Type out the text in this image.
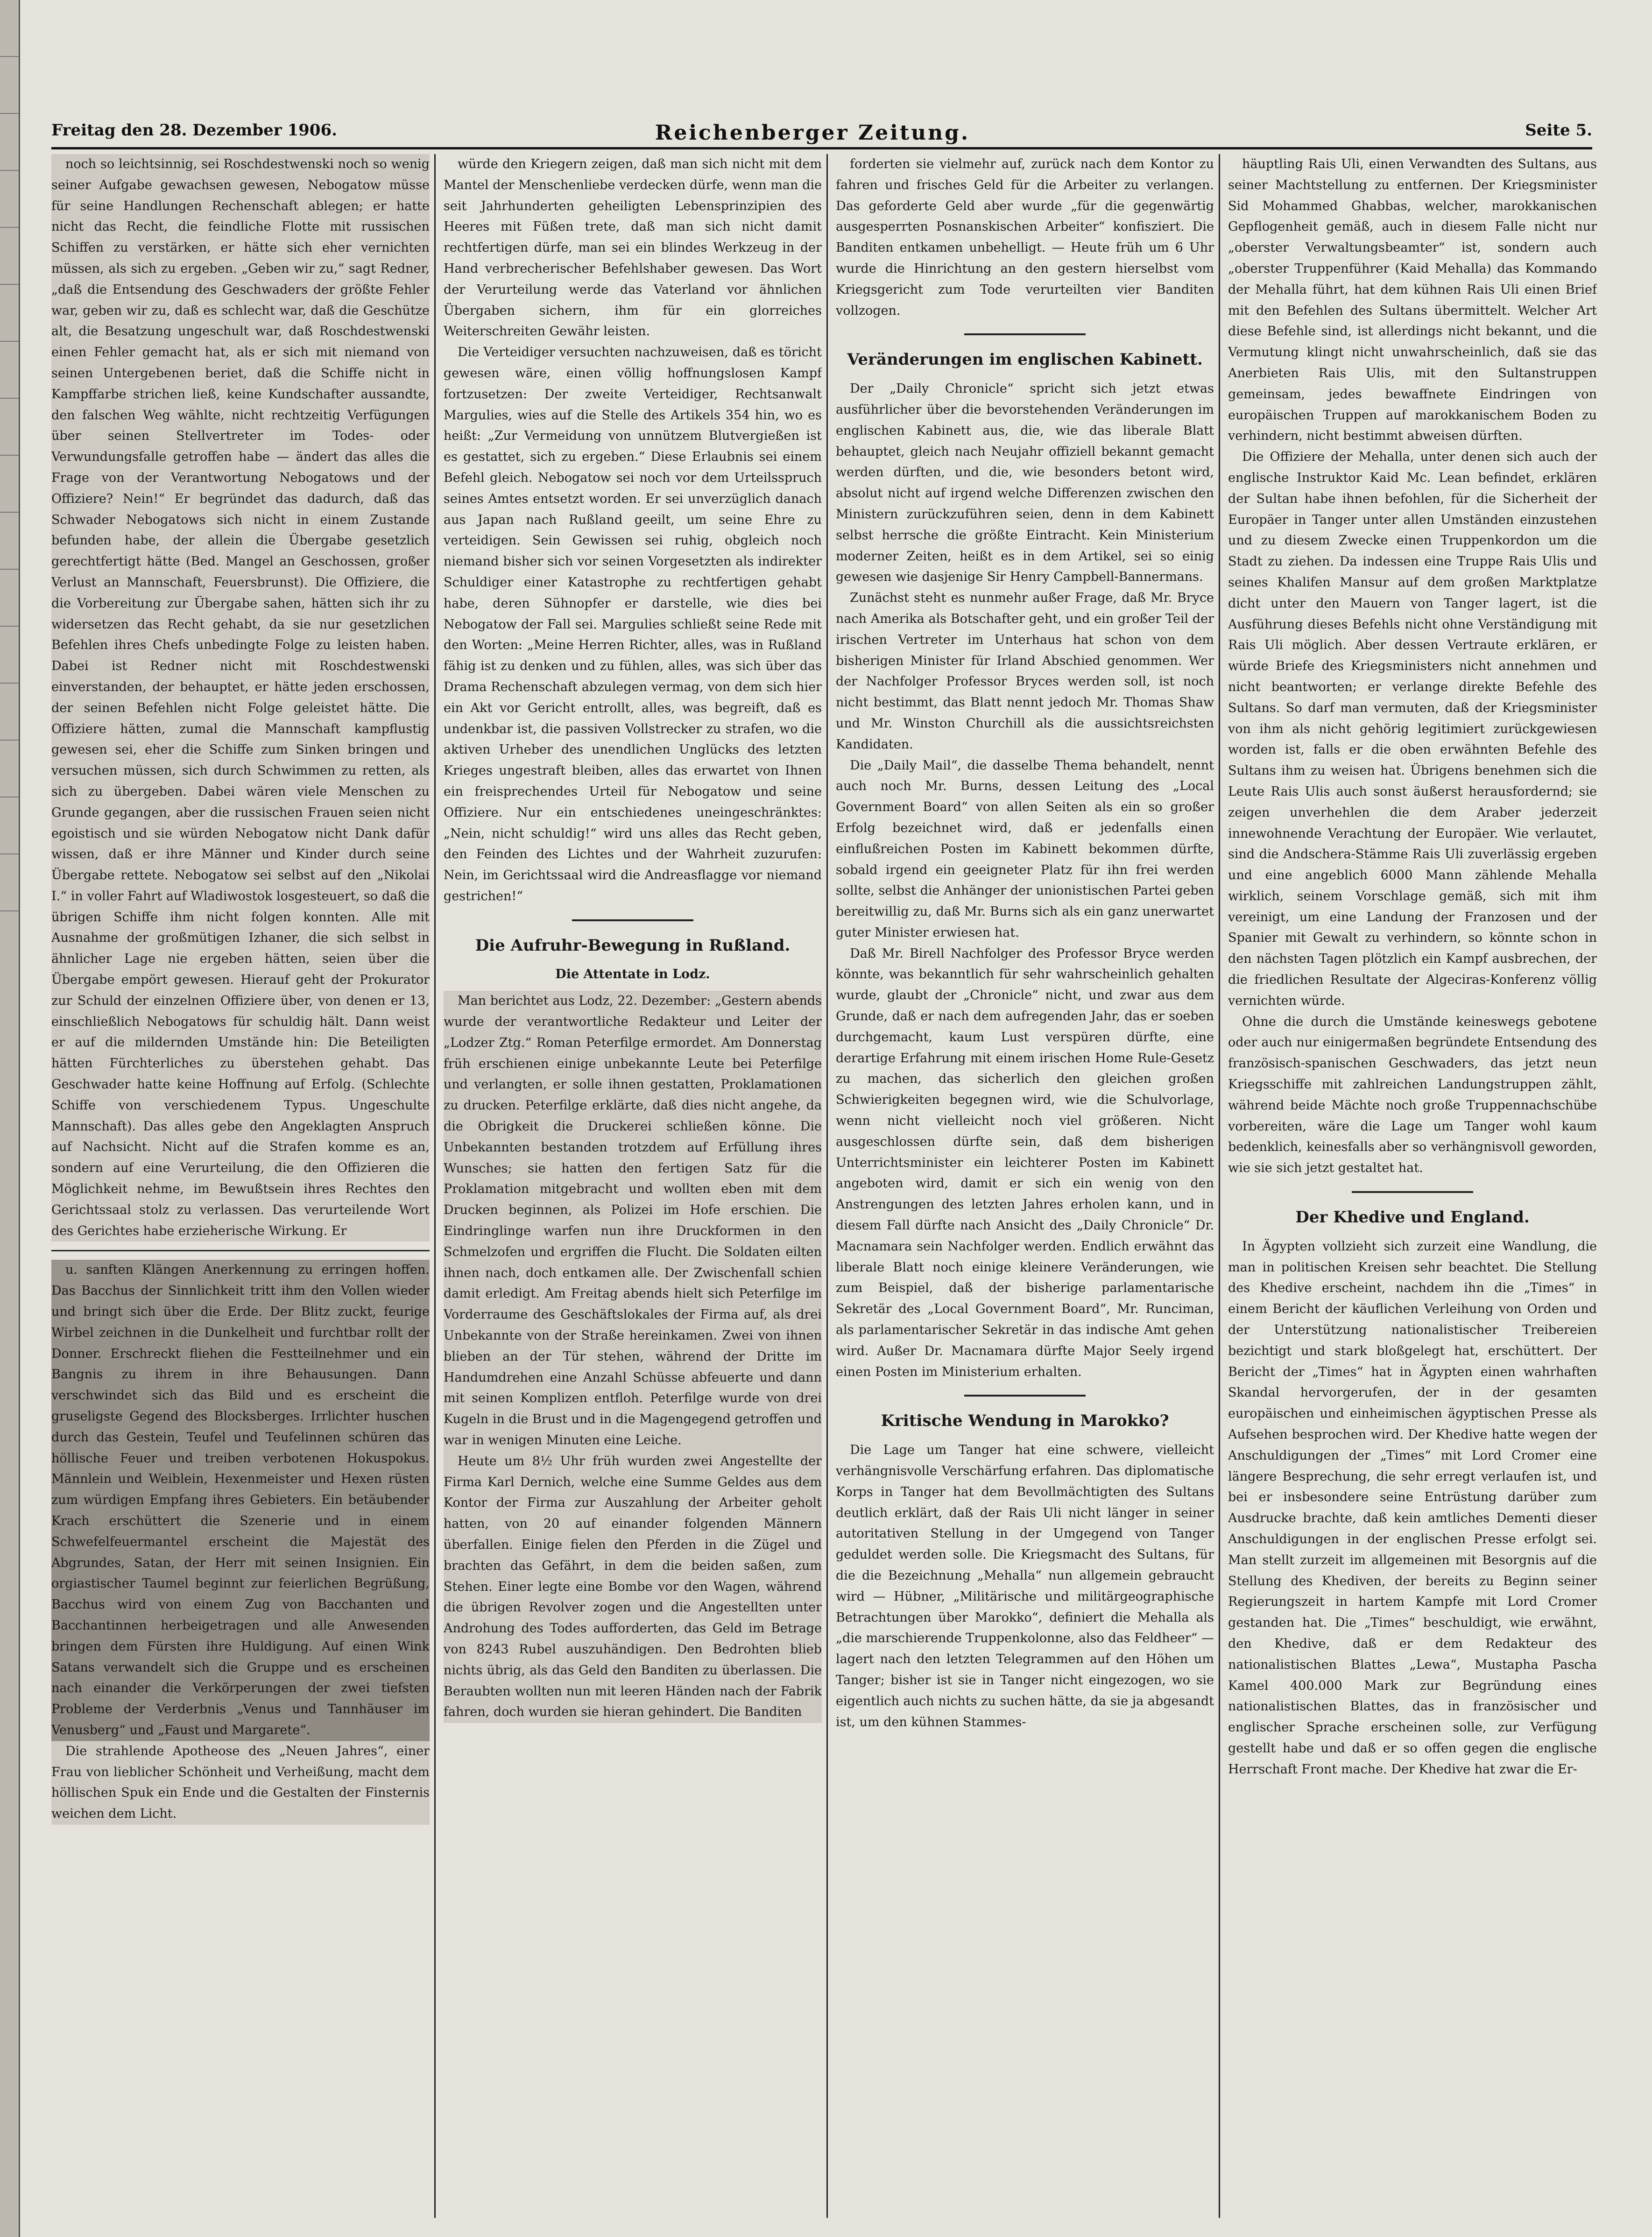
Freitag den 28. Dezember 1906.	Reichenberger Zeitung.	Seite 5.

noch so leichtsinnig, sei Roschdestwenski noch so wenig seiner Aufgabe gewachsen gewesen, Nebogatow müsse für seine Handlungen Rechenschaft ablegen; er hatte nicht das Recht, die feindliche Flotte mit russischen Schiffen zu verstärken, er hätte sich eher vernichten müssen, als sich zu ergeben. „Geben wir zu,“ sagt Redner, „daß die Entsendung des Geschwaders der größte Fehler war, geben wir zu, daß es schlecht war, daß die Geschütze alt, die Besatzung ungeschult war, daß Roschdestwenski einen Fehler gemacht hat, als er sich mit niemand von seinen Untergebenen beriet, daß die Schiffe nicht in Kampffarbe strichen ließ, keine Kundschafter aussandte, den falschen Weg wählte, nicht rechtzeitig Verfügungen über seinen Stellvertreter im Todes- oder Verwundungsfalle getroffen habe — ändert das alles die Frage von der Verantwortung Nebogatows und der Offiziere? Nein!“ Er begründet das dadurch, daß das Schwader Nebogatows sich nicht in einem Zustande befunden habe, der allein die Übergabe gesetzlich gerechtfertigt hätte (Bed. Mangel an Geschossen, großer Verlust an Mannschaft, Feuersbrunst). Die Offiziere, die die Vorbereitung zur Übergabe sahen, hätten sich ihr zu widersetzen das Recht gehabt, da sie nur gesetzlichen Befehlen ihres Chefs unbedingte Folge zu leisten haben. Dabei ist Redner nicht mit Roschdestwenski einverstanden, der behauptet, er hätte jeden erschossen, der seinen Befehlen nicht Folge geleistet hätte. Die Offiziere hätten, zumal die Mannschaft kampflustig gewesen sei, eher die Schiffe zum Sinken bringen und versuchen müssen, sich durch Schwimmen zu retten, als sich zu übergeben. Dabei wären viele Menschen zu Grunde gegangen, aber die russischen Frauen seien nicht egoistisch und sie würden Nebogatow nicht Dank dafür wissen, daß er ihre Männer und Kinder durch seine Übergabe rettete. Nebogatow sei selbst auf den „Nikolai I.“ in voller Fahrt auf Wladiwostok losgesteuert, so daß die übrigen Schiffe ihm nicht folgen konnten. Alle mit Ausnahme der großmütigen Izhaner, die sich selbst in ähnlicher Lage nie ergeben hätten, seien über die Übergabe empört gewesen. Hierauf geht der Prokurator zur Schuld der einzelnen Offiziere über, von denen er 13, einschließlich Nebogatows für schuldig hält. Dann weist er auf die mildernden Umstände hin: Die Beteiligten hätten Fürchterliches zu überstehen gehabt. Das Geschwader hatte keine Hoffnung auf Erfolg. (Schlechte Schiffe von verschiedenem Typus. Ungeschulte Mannschaft). Das alles gebe den Angeklagten Anspruch auf Nachsicht. Nicht auf die Strafen komme es an, sondern auf eine Verurteilung, die den Offizieren die Möglichkeit nehme, im Bewußtsein ihres Rechtes den Gerichtssaal stolz zu verlassen. Das verurteilende Wort des Gerichtes habe erzieherische Wirkung. Er

u. sanften Klängen Anerkennung zu erringen hoffen. Das Bacchus der Sinnlichkeit tritt ihm den Vollen wieder und bringt sich über die Erde. Der Blitz zuckt, feurige Wirbel zeichnen in die Dunkelheit und furchtbar rollt der Donner. Erschreckt fliehen die Festteilnehmer und ein Bangnis zu ihrem in ihre Behausungen. Dann verschwindet sich das Bild und es erscheint die gruseligste Gegend des Blocksberges. Irrlichter huschen durch das Gestein, Teufel und Teufelinnen schüren das höllische Feuer und treiben verbotenen Hokuspokus. Männlein und Weiblein, Hexenmeister und Hexen rüsten zum würdigen Empfang ihres Gebieters. Ein betäubender Krach erschüttert die Szenerie und in einem Schwefelfeuermantel erscheint die Majestät des Abgrundes, Satan, der Herr mit seinen Insignien. Ein orgiastischer Taumel beginnt zur feierlichen Begrüßung, Bacchus wird von einem Zug von Bacchanten und Bacchantinnen herbeigetragen und alle Anwesenden bringen dem Fürsten ihre Huldigung. Auf einen Wink Satans verwandelt sich die Gruppe und es erscheinen nach einander die Verkörperungen der zwei tiefsten Probleme der Verderbnis „Venus und Tannhäuser im Venusberg“ und „Faust und Margarete“.

Die strahlende Apotheose des „Neuen Jahres“, einer Frau von lieblicher Schönheit und Verheißung, macht dem höllischen Spuk ein Ende und die Gestalten der Finsternis weichen dem Licht.

würde den Kriegern zeigen, daß man sich nicht mit dem Mantel der Menschenliebe verdecken dürfe, wenn man die seit Jahrhunderten geheiligten Lebensprinzipien des Heeres mit Füßen trete, daß man sich nicht damit rechtfertigen dürfe, man sei ein blindes Werkzeug in der Hand verbrecherischer Befehlshaber gewesen. Das Wort der Verurteilung werde das Vaterland vor ähnlichen Übergaben sichern, ihm für ein glorreiches Weiterschreiten Gewähr leisten.

Die Verteidiger versuchten nachzuweisen, daß es töricht gewesen wäre, einen völlig hoffnungslosen Kampf fortzusetzen: Der zweite Verteidiger, Rechtsanwalt Margulies, wies auf die Stelle des Artikels 354 hin, wo es heißt: „Zur Vermeidung von unnützem Blutvergießen ist es gestattet, sich zu ergeben.“ Diese Erlaubnis sei einem Befehl gleich. Nebogatow sei noch vor dem Urteilsspruch seines Amtes entsetzt worden. Er sei unverzüglich danach aus Japan nach Rußland geeilt, um seine Ehre zu verteidigen. Sein Gewissen sei ruhig, obgleich noch niemand bisher sich vor seinen Vorgesetzten als indirekter Schuldiger einer Katastrophe zu rechtfertigen gehabt habe, deren Sühnopfer er darstelle, wie dies bei Nebogatow der Fall sei. Margulies schließt seine Rede mit den Worten: „Meine Herren Richter, alles, was in Rußland fähig ist zu denken und zu fühlen, alles, was sich über das Drama Rechenschaft abzulegen vermag, von dem sich hier ein Akt vor Gericht entrollt, alles, was begreift, daß es undenkbar ist, die passiven Vollstrecker zu strafen, wo die aktiven Urheber des unendlichen Unglücks des letzten Krieges ungestraft bleiben, alles das erwartet von Ihnen ein freisprechendes Urteil für Nebogatow und seine Offiziere. Nur ein entschiedenes uneingeschränktes: „Nein, nicht schuldig!“ wird uns alles das Recht geben, den Feinden des Lichtes und der Wahrheit zuzurufen: Nein, im Gerichtssaal wird die Andreasflagge vor niemand gestrichen!“

Die Aufruhr-Bewegung in Rußland.
Die Attentate in Lodz.

Man berichtet aus Lodz, 22. Dezember: „Gestern abends wurde der verantwortliche Redakteur und Leiter der „Lodzer Ztg.“ Roman Peterfilge ermordet. Am Donnerstag früh erschienen einige unbekannte Leute bei Peterfilge und verlangten, er solle ihnen gestatten, Proklamationen zu drucken. Peterfilge erklärte, daß dies nicht angehe, da die Obrigkeit die Druckerei schließen könne. Die Unbekannten bestanden trotzdem auf Erfüllung ihres Wunsches; sie hatten den fertigen Satz für die Proklamation mitgebracht und wollten eben mit dem Drucken beginnen, als Polizei im Hofe erschien. Die Eindringlinge warfen nun ihre Druckformen in den Schmelzofen und ergriffen die Flucht. Die Soldaten eilten ihnen nach, doch entkamen alle. Der Zwischenfall schien damit erledigt. Am Freitag abends hielt sich Peterfilge im Vorderraume des Geschäftslokales der Firma auf, als drei Unbekannte von der Straße hereinkamen. Zwei von ihnen blieben an der Tür stehen, während der Dritte im Handumdrehen eine Anzahl Schüsse abfeuerte und dann mit seinen Komplizen entfloh. Peterfilge wurde von drei Kugeln in die Brust und in die Magengegend getroffen und war in wenigen Minuten eine Leiche.

Heute um 8½ Uhr früh wurden zwei Angestellte der Firma Karl Dernich, welche eine Summe Geldes aus dem Kontor der Firma zur Auszahlung der Arbeiter geholt hatten, von 20 auf einander folgenden Männern überfallen. Einige fielen den Pferden in die Zügel und brachten das Gefährt, in dem die beiden saßen, zum Stehen. Einer legte eine Bombe vor den Wagen, während die übrigen Revolver zogen und die Angestellten unter Androhung des Todes aufforderten, das Geld im Betrage von 8243 Rubel auszuhändigen. Den Bedrohten blieb nichts übrig, als das Geld den Banditen zu überlassen. Die Beraubten wollten nun mit leeren Händen nach der Fabrik fahren, doch wurden sie hieran gehindert. Die Banditen

forderten sie vielmehr auf, zurück nach dem Kontor zu fahren und frisches Geld für die Arbeiter zu verlangen. Das geforderte Geld aber wurde „für die gegenwärtig ausgesperrten Posnanskischen Arbeiter“ konfisziert. Die Banditen entkamen unbehelligt. — Heute früh um 6 Uhr wurde die Hinrichtung an den gestern hierselbst vom Kriegsgericht zum Tode verurteilten vier Banditen vollzogen.

Veränderungen im englischen Kabinett.

Der „Daily Chronicle“ spricht sich jetzt etwas ausführlicher über die bevorstehenden Veränderungen im englischen Kabinett aus, die, wie das liberale Blatt behauptet, gleich nach Neujahr offiziell bekannt gemacht werden dürften, und die, wie besonders betont wird, absolut nicht auf irgend welche Differenzen zwischen den Ministern zurückzuführen seien, denn in dem Kabinett selbst herrsche die größte Eintracht. Kein Ministerium moderner Zeiten, heißt es in dem Artikel, sei so einig gewesen wie dasjenige Sir Henry Campbell-Bannermans.

Zunächst steht es nunmehr außer Frage, daß Mr. Bryce nach Amerika als Botschafter geht, und ein großer Teil der irischen Vertreter im Unterhaus hat schon von dem bisherigen Minister für Irland Abschied genommen. Wer der Nachfolger Professor Bryces werden soll, ist noch nicht bestimmt, das Blatt nennt jedoch Mr. Thomas Shaw und Mr. Winston Churchill als die aussichtsreichsten Kandidaten.

Die „Daily Mail“, die dasselbe Thema behandelt, nennt auch noch Mr. Burns, dessen Leitung des „Local Government Board“ von allen Seiten als ein so großer Erfolg bezeichnet wird, daß er jedenfalls einen einflußreichen Posten im Kabinett bekommen dürfte, sobald irgend ein geeigneter Platz für ihn frei werden sollte, selbst die Anhänger der unionistischen Partei geben bereitwillig zu, daß Mr. Burns sich als ein ganz unerwartet guter Minister erwiesen hat.

Daß Mr. Birell Nachfolger des Professor Bryce werden könnte, was bekanntlich für sehr wahrscheinlich gehalten wurde, glaubt der „Chronicle“ nicht, und zwar aus dem Grunde, daß er nach dem aufregenden Jahr, das er soeben durchgemacht, kaum Lust verspüren dürfte, eine derartige Erfahrung mit einem irischen Home Rule-Gesetz zu machen, das sicherlich den gleichen großen Schwierigkeiten begegnen wird, wie die Schulvorlage, wenn nicht vielleicht noch viel größeren. Nicht ausgeschlossen dürfte sein, daß dem bisherigen Unterrichtsminister ein leichterer Posten im Kabinett angeboten wird, damit er sich ein wenig von den Anstrengungen des letzten Jahres erholen kann, und in diesem Fall dürfte nach Ansicht des „Daily Chronicle“ Dr. Macnamara sein Nachfolger werden. Endlich erwähnt das liberale Blatt noch einige kleinere Veränderungen, wie zum Beispiel, daß der bisherige parlamentarische Sekretär des „Local Government Board“, Mr. Runciman, als parlamentarischer Sekretär in das indische Amt gehen wird. Außer Dr. Macnamara dürfte Major Seely irgend einen Posten im Ministerium erhalten.

Kritische Wendung in Marokko?

Die Lage um Tanger hat eine schwere, vielleicht verhängnisvolle Verschärfung erfahren. Das diplomatische Korps in Tanger hat dem Bevollmächtigten des Sultans deutlich erklärt, daß der Rais Uli nicht länger in seiner autoritativen Stellung in der Umgegend von Tanger geduldet werden solle. Die Kriegsmacht des Sultans, für die die Bezeichnung „Mehalla“ nun allgemein gebraucht wird — Hübner, „Militärische und militärgeographische Betrachtungen über Marokko“, definiert die Mehalla als „die marschierende Truppenkolonne, also das Feldheer“ — lagert nach den letzten Telegrammen auf den Höhen um Tanger; bisher ist sie in Tanger nicht eingezogen, wo sie eigentlich auch nichts zu suchen hätte, da sie ja abgesandt ist, um den kühnen Stammes-

häuptling Rais Uli, einen Verwandten des Sultans, aus seiner Machtstellung zu entfernen. Der Kriegsminister Sid Mohammed Ghabbas, welcher, marokkanischen Gepflogenheit gemäß, auch in diesem Falle nicht nur „oberster Verwaltungsbeamter“ ist, sondern auch „oberster Truppenführer (Kaid Mehalla) das Kommando der Mehalla führt, hat dem kühnen Rais Uli einen Brief mit den Befehlen des Sultans übermittelt. Welcher Art diese Befehle sind, ist allerdings nicht bekannt, und die Vermutung klingt nicht unwahrscheinlich, daß sie das Anerbieten Rais Ulis, mit den Sultanstruppen gemeinsam, jedes bewaffnete Eindringen von europäischen Truppen auf marokkanischem Boden zu verhindern, nicht bestimmt abweisen dürften.

Die Offiziere der Mehalla, unter denen sich auch der englische Instruktor Kaid Mc. Lean befindet, erklären der Sultan habe ihnen befohlen, für die Sicherheit der Europäer in Tanger unter allen Umständen einzustehen und zu diesem Zwecke einen Truppenkordon um die Stadt zu ziehen. Da indessen eine Truppe Rais Ulis und seines Khalifen Mansur auf dem großen Marktplatze dicht unter den Mauern von Tanger lagert, ist die Ausführung dieses Befehls nicht ohne Verständigung mit Rais Uli möglich. Aber dessen Vertraute erklären, er würde Briefe des Kriegsministers nicht annehmen und nicht beantworten; er verlange direkte Befehle des Sultans. So darf man vermuten, daß der Kriegsminister von ihm als nicht gehörig legitimiert zurückgewiesen worden ist, falls er die oben erwähnten Befehle des Sultans ihm zu weisen hat. Übrigens benehmen sich die Leute Rais Ulis auch sonst äußerst herausfordernd; sie zeigen unverhehlen die dem Araber jederzeit innewohnende Verachtung der Europäer. Wie verlautet, sind die Andschera-Stämme Rais Uli zuverlässig ergeben und eine angeblich 6000 Mann zählende Mehalla wirklich, seinem Vorschlage gemäß, sich mit ihm vereinigt, um eine Landung der Franzosen und der Spanier mit Gewalt zu verhindern, so könnte schon in den nächsten Tagen plötzlich ein Kampf ausbrechen, der die friedlichen Resultate der Algeciras-Konferenz völlig vernichten würde.

Ohne die durch die Umstände keineswegs gebotene oder auch nur einigermaßen begründete Entsendung des französisch-spanischen Geschwaders, das jetzt neun Kriegsschiffe mit zahlreichen Landungstruppen zählt, während beide Mächte noch große Truppennachschübe vorbereiten, wäre die Lage um Tanger wohl kaum bedenklich, keinesfalls aber so verhängnisvoll geworden, wie sie sich jetzt gestaltet hat.

Der Khedive und England.

In Ägypten vollzieht sich zurzeit eine Wandlung, die man in politischen Kreisen sehr beachtet. Die Stellung des Khedive erscheint, nachdem ihn die „Times“ in einem Bericht der käuflichen Verleihung von Orden und der Unterstützung nationalistischer Treibereien bezichtigt und stark bloßgelegt hat, erschüttert. Der Bericht der „Times“ hat in Ägypten einen wahrhaften Skandal hervorgerufen, der in der gesamten europäischen und einheimischen ägyptischen Presse als Aufsehen besprochen wird. Der Khedive hatte wegen der Anschuldigungen der „Times“ mit Lord Cromer eine längere Besprechung, die sehr erregt verlaufen ist, und bei er insbesondere seine Entrüstung darüber zum Ausdrucke brachte, daß kein amtliches Dementi dieser Anschuldigungen in der englischen Presse erfolgt sei. Man stellt zurzeit im allgemeinen mit Besorgnis auf die Stellung des Khediven, der bereits zu Beginn seiner Regierungszeit in hartem Kampfe mit Lord Cromer gestanden hat. Die „Times“ beschuldigt, wie erwähnt, den Khedive, daß er dem Redakteur des nationalistischen Blattes „Lewa“, Mustapha Pascha Kamel 400.000 Mark zur Begründung eines nationalistischen Blattes, das in französischer und englischer Sprache erscheinen solle, zur Verfügung gestellt habe und daß er so offen gegen die englische Herrschaft Front mache. Der Khedive hat zwar die Er-
